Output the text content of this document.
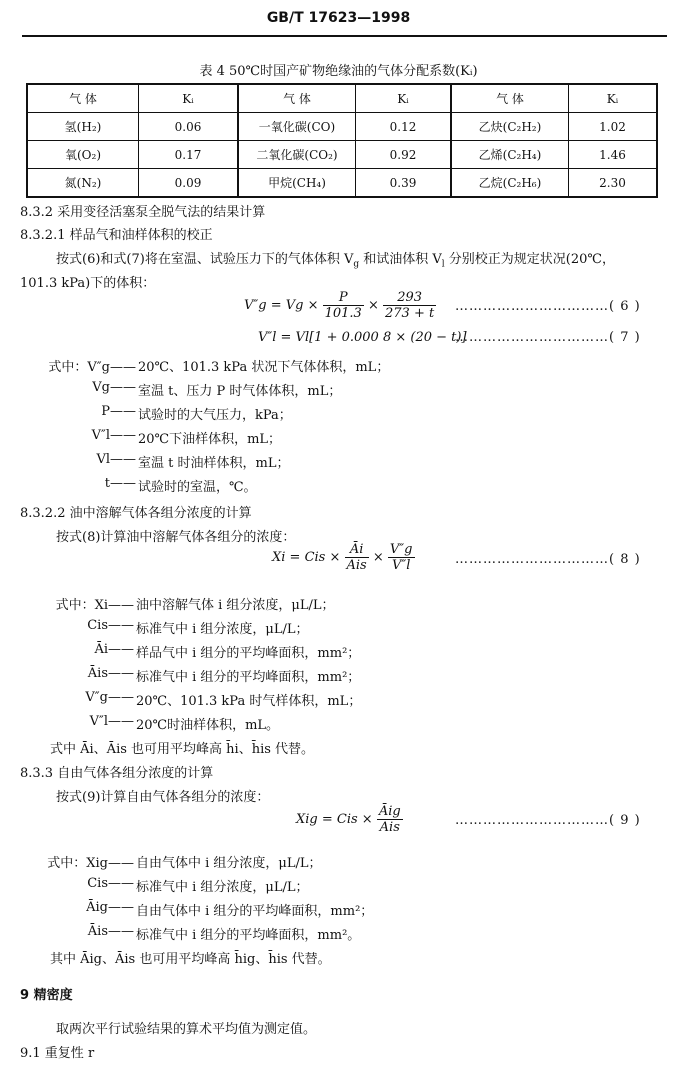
GB/T 17623—1998
表 4 50℃时国产矿物绝缘油的气体分配系数(Kᵢ)
气 体	Kᵢ	气 体	Kᵢ	气 体	Kᵢ
氢(H₂)	0.06	一氧化碳(CO)	0.12	乙炔(C₂H₂)	1.02
氧(O₂)	0.17	二氧化碳(CO₂)	0.92	乙烯(C₂H₄)	1.46
氮(N₂)	0.09	甲烷(CH₄)	0.39	乙烷(C₂H₆)	2.30
8.3.2 采用变径活塞泵全脱气法的结果计算
8.3.2.1 样品气和油样体积的校正
按式(6)和式(7)将在室温、试验压力下的气体体积 $V_g$ 和试油体积 $V_l$ 分别校正为规定状况(20℃，
101.3 kPa)下的体积：
$V''g = Vg \times \frac{P}{101.3} \times \frac{293}{273 + t}$ ……………………………( 6 )
V″l = Vl[1 + 0.000 8 × (20 − t)]
……………………………( 7 )
式中：V″g—— 20℃、101.3 kPa 状况下气体体积，mL；
Vg—— 室温 t、压力 P 时气体体积，mL；
P—— 试验时的大气压力，kPa；
V″l—— 20℃下油样体积，mL；
Vl—— 室温 t 时油样体积，mL；
t—— 试验时的室温，℃。
8.3.2.2 油中溶解气体各组分浓度的计算
按式(8)计算油中溶解气体各组分的浓度：
Xi = Cis × $\frac{Āi}{\text{Āis}} \times \frac{V''g}{V''l}$	……………………………( 8 )
式中：Xi—— 油中溶解气体 i 组分浓度，μL/L；
Cis—— 标准气中 i 组分浓度，μL/L；
Āi—— 样品气中 i 组分的平均峰面积，mm²；
Āis—— 标准气中 i 组分的平均峰面积，mm²；
V″g—— 20℃、101.3 kPa 时气样体积，mL；
V″l—— 20℃时油样体积，mL。
式中 Āi、Āis 也可用平均峰高 h̄i、h̄is 代替。
8.3.3 自由气体各组分浓度的计算
按式(9)计算自由气体各组分的浓度：
Xig = Cis × $\frac{\text{Āig}}{\text{Āis}}$	……………………………( 9 )
式中：Xig—— 自由气体中 i 组分浓度，μL/L；
Cis—— 标准气中 i 组分浓度，μL/L；
Āig—— 自由气体中 i 组分的平均峰面积，mm²；
Āis—— 标准气中 i 组分的平均峰面积，mm²。
其中 Āig、Āis 也可用平均峰高 h̄ig、h̄is 代替。
9 精密度
取两次平行试验结果的算术平均值为测定值。
9.1 重复性 r
